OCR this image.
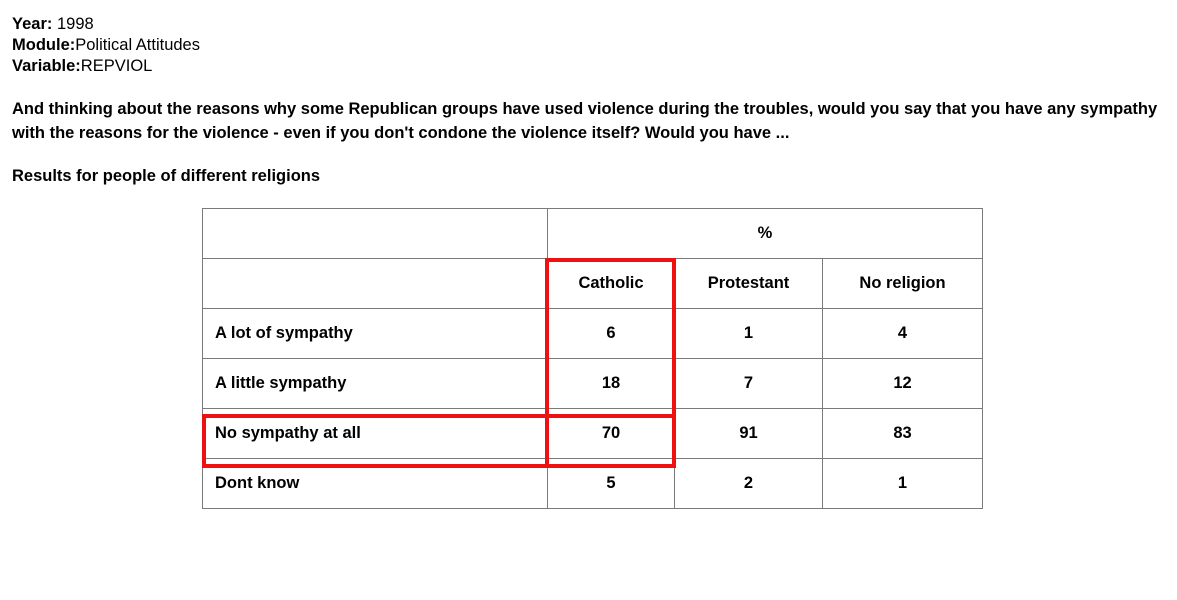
Year: 1998
Module:Political Attitudes
Variable:REPVIOL
And thinking about the reasons why some Republican groups have used violence during the troubles, would you say that you have any sympathy with the reasons for the violence - even if you don't condone the violence itself? Would you have ...
Results for people of different religions
	%		
	Catholic	Protestant	No religion
A lot of sympathy	6	1	4
A little sympathy	18	7	12
No sympathy at all	70	91	83
Dont know	5	2	1
